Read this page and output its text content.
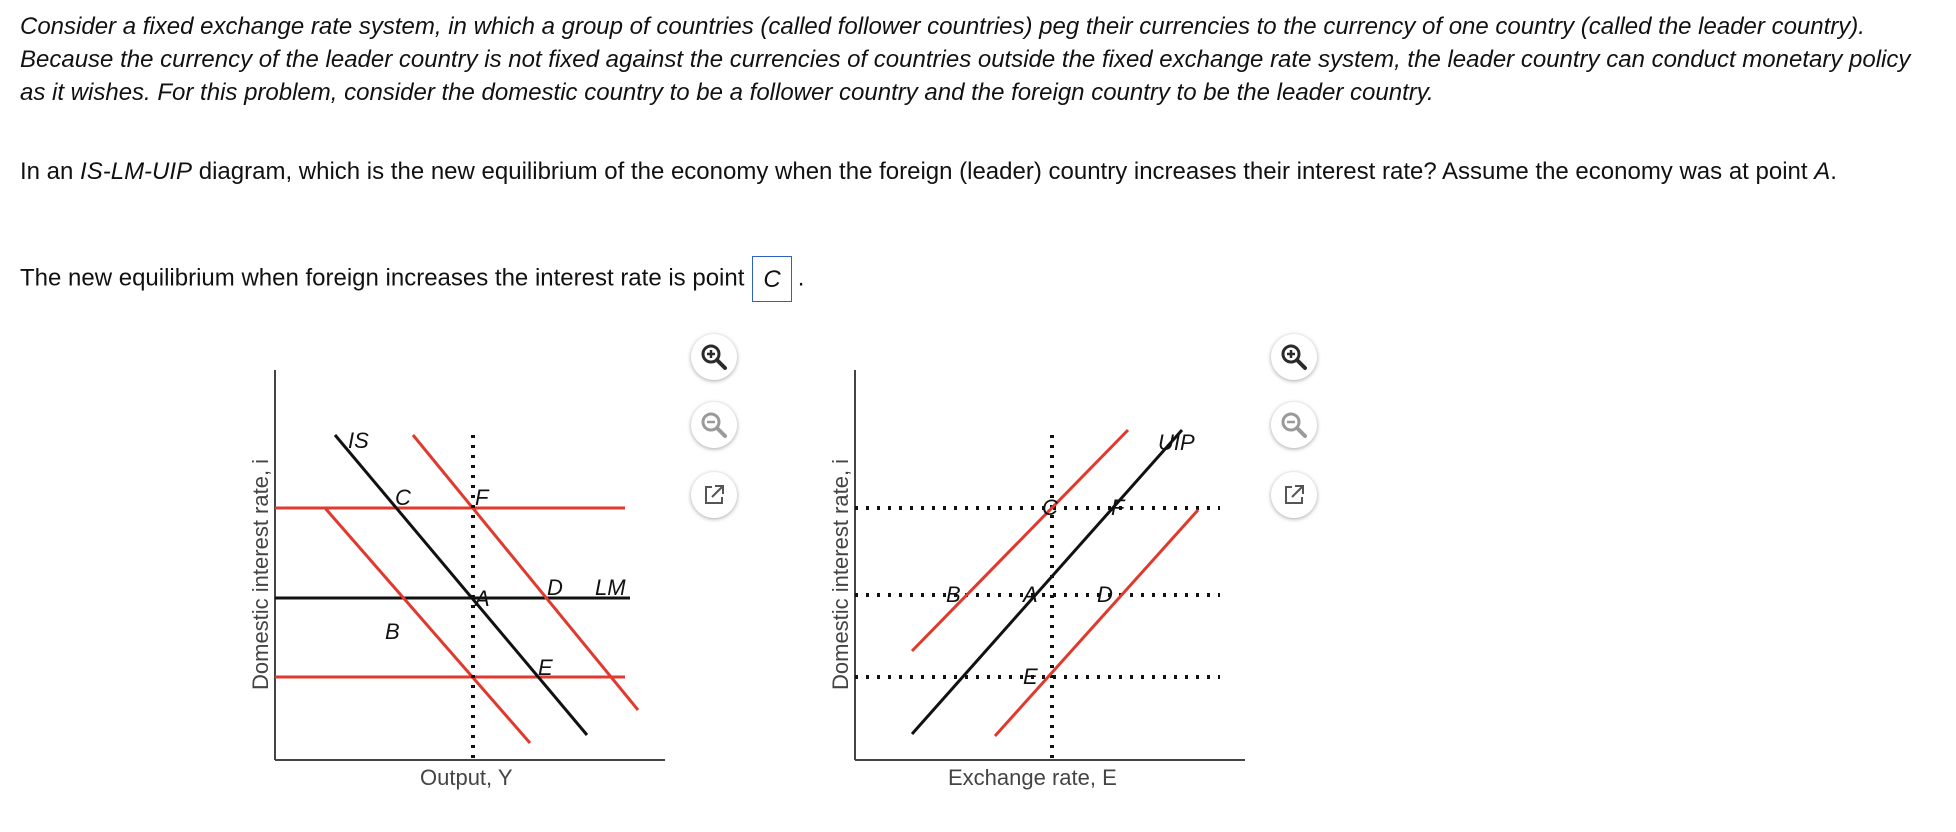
Consider a fixed exchange rate system, in which a group of countries (called follower countries) peg their currencies to the currency of one country (called the leader country). Because the currency of the leader country is not fixed against the currencies of countries outside the fixed exchange rate system, the leader country can conduct monetary policy as it wishes. For this problem, consider the domestic country to be a follower country and the foreign country to be the leader country.

In an IS-LM-UIP diagram, which is the new equilibrium of the economy when the foreign (leader) country increases their interest rate? Assume the economy was at point A.

The new equilibrium when foreign increases the interest rate is point C .

Domestic interest rate, i
Output, Y
IS
LM
C	F
A	D
B
E	Domestic interest rate, i
Exchange rate, E
UIP
C F
B	A	D
E
